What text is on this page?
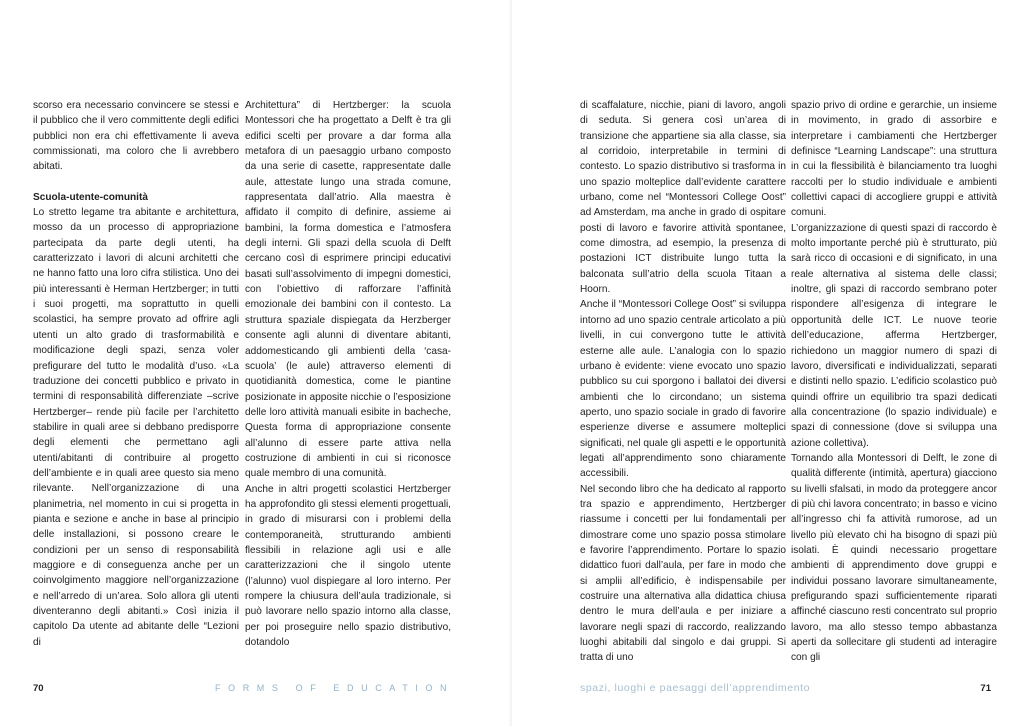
scorso era necessario convincere se stessi e il pubblico che il vero committente degli edifici pubblici non era chi effettivamente li aveva commissionati, ma coloro che li avrebbero abitati.

Scuola-utente-comunità

Lo stretto legame tra abitante e architettura, mosso da un processo di appropriazione partecipata da parte degli utenti, ha caratterizzato i lavori di alcuni architetti che ne hanno fatto una loro cifra stilistica. Uno dei più interessanti è Herman Hertzberger; in tutti i suoi progetti, ma soprattutto in quelli scolastici, ha sempre provato ad offrire agli utenti un alto grado di trasformabilità e modificazione degli spazi, senza voler prefigurare del tutto le modalità d’uso. «La traduzione dei concetti pubblico e privato in termini di responsabilità differenziate –scrive Hertzberger– rende più facile per l’architetto stabilire in quali aree si debbano predisporre degli elementi che permettano agli utenti/abitanti di contribuire al progetto dell’ambiente e in quali aree questo sia meno rilevante. Nell’organizzazione di una planimetria, nel momento in cui si progetta in pianta e sezione e anche in base al principio delle installazioni, si possono creare le condizioni per un senso di responsabilità maggiore e di conseguenza anche per un coinvolgimento maggiore nell’organizzazione e nell’arredo di un’area. Solo allora gli utenti diventeranno degli abitanti.» Così inizia il capitolo Da utente ad abitante delle “Lezioni di

Architettura” di Hertzberger: la scuola Montessori che ha progettato a Delft è tra gli edifici scelti per provare a dar forma alla metafora di un paesaggio urbano composto da una serie di casette, rappresentate dalle aule, attestate lungo una strada comune, rappresentata dall’atrio. Alla maestra è affidato il compito di definire, assieme ai bambini, la forma domestica e l’atmosfera degli interni. Gli spazi della scuola di Delft cercano così di esprimere principi educativi basati sull’assolvimento di impegni domestici, con l’obiettivo di rafforzare l’affinità emozionale dei bambini con il contesto. La struttura spaziale dispiegata da Herzberger consente agli alunni di diventare abitanti, addomesticando gli ambienti della ‘casa-scuola’ (le aule) attraverso elementi di quotidianità domestica, come le piantine posizionate in apposite nicchie o l’esposizione delle loro attività manuali esibite in bacheche, Questa forma di appropriazione consente all’alunno di essere parte attiva nella costruzione di ambienti in cui si riconosce quale membro di una comunità.

Anche in altri progetti scolastici Hertzberger ha approfondito gli stessi elementi progettuali, in grado di misurarsi con i problemi della contemporaneità, strutturando ambienti flessibili in relazione agli usi e alle caratterizzazioni che il singolo utente (l’alunno) vuol dispiegare al loro interno. Per rompere la chiusura dell’aula tradizionale, si può lavorare nello spazio intorno alla classe, per poi proseguire nello spazio distributivo, dotandolo

70	FORMS OF EDUCATION

di scaffalature, nicchie, piani di lavoro, angoli di seduta. Si genera così un’area di transizione che appartiene sia alla classe, sia al corridoio, interpretabile in termini di contesto. Lo spazio distributivo si trasforma in uno spazio molteplice dall’evidente carattere urbano, come nel “Montessori College Oost” ad Amsterdam, ma anche in grado di ospitare posti di lavoro e favorire attività spontanee, come dimostra, ad esempio, la presenza di postazioni ICT distribuite lungo tutta la balconata sull’atrio della scuola Titaan a Hoorn.

Anche il “Montessori College Oost” si sviluppa intorno ad uno spazio centrale articolato a più livelli, in cui convergono tutte le attività esterne alle aule. L’analogia con lo spazio urbano è evidente: viene evocato uno spazio pubblico su cui sporgono i ballatoi dei diversi ambienti che lo circondano; un sistema aperto, uno spazio sociale in grado di favorire esperienze diverse e assumere molteplici significati, nel quale gli aspetti e le opportunità legati all’apprendimento sono chiaramente accessibili.

Nel secondo libro che ha dedicato al rapporto tra spazio e apprendimento, Hertzberger riassume i concetti per lui fondamentali per dimostrare come uno spazio possa stimolare e favorire l’apprendimento. Portare lo spazio didattico fuori dall’aula, per fare in modo che si amplii all’edificio, è indispensabile per costruire una alternativa alla didattica chiusa dentro le mura dell’aula e per iniziare a lavorare negli spazi di raccordo, realizzando luoghi abitabili dal singolo e dai gruppi. Si tratta di uno

spazio privo di ordine e gerarchie, un insieme in movimento, in grado di assorbire e interpretare i cambiamenti che Hertzberger definisce “Learning Landscape”: una struttura in cui la flessibilità è bilanciamento tra luoghi raccolti per lo studio individuale e ambienti collettivi capaci di accogliere gruppi e attività comuni.

L’organizzazione di questi spazi di raccordo è molto importante perché più è strutturato, più sarà ricco di occasioni e di significato, in una reale alternativa al sistema delle classi; inoltre, gli spazi di raccordo sembrano poter rispondere all’esigenza di integrare le opportunità delle ICT. Le nuove teorie dell’educazione, afferma Hertzberger, richiedono un maggior numero di spazi di lavoro, diversificati e individualizzati, separati e distinti nello spazio. L’edificio scolastico può quindi offrire un equilibrio tra spazi dedicati alla concentrazione (lo spazio individuale) e spazi di connessione (dove si sviluppa una azione collettiva).

Tornando alla Montessori di Delft, le zone di qualità differente (intimità, apertura) giacciono su livelli sfalsati, in modo da proteggere ancor di più chi lavora concentrato; in basso e vicino all’ingresso chi fa attività rumorose, ad un livello più elevato chi ha bisogno di spazi più isolati. È quindi necessario progettare ambienti di apprendimento dove gruppi e individui possano lavorare simultaneamente, prefigurando spazi sufficientemente riparati affinché ciascuno resti concentrato sul proprio lavoro, ma allo stesso tempo abbastanza aperti da sollecitare gli studenti ad interagire con gli

spazi, luoghi e paesaggi dell’apprendimento	71
